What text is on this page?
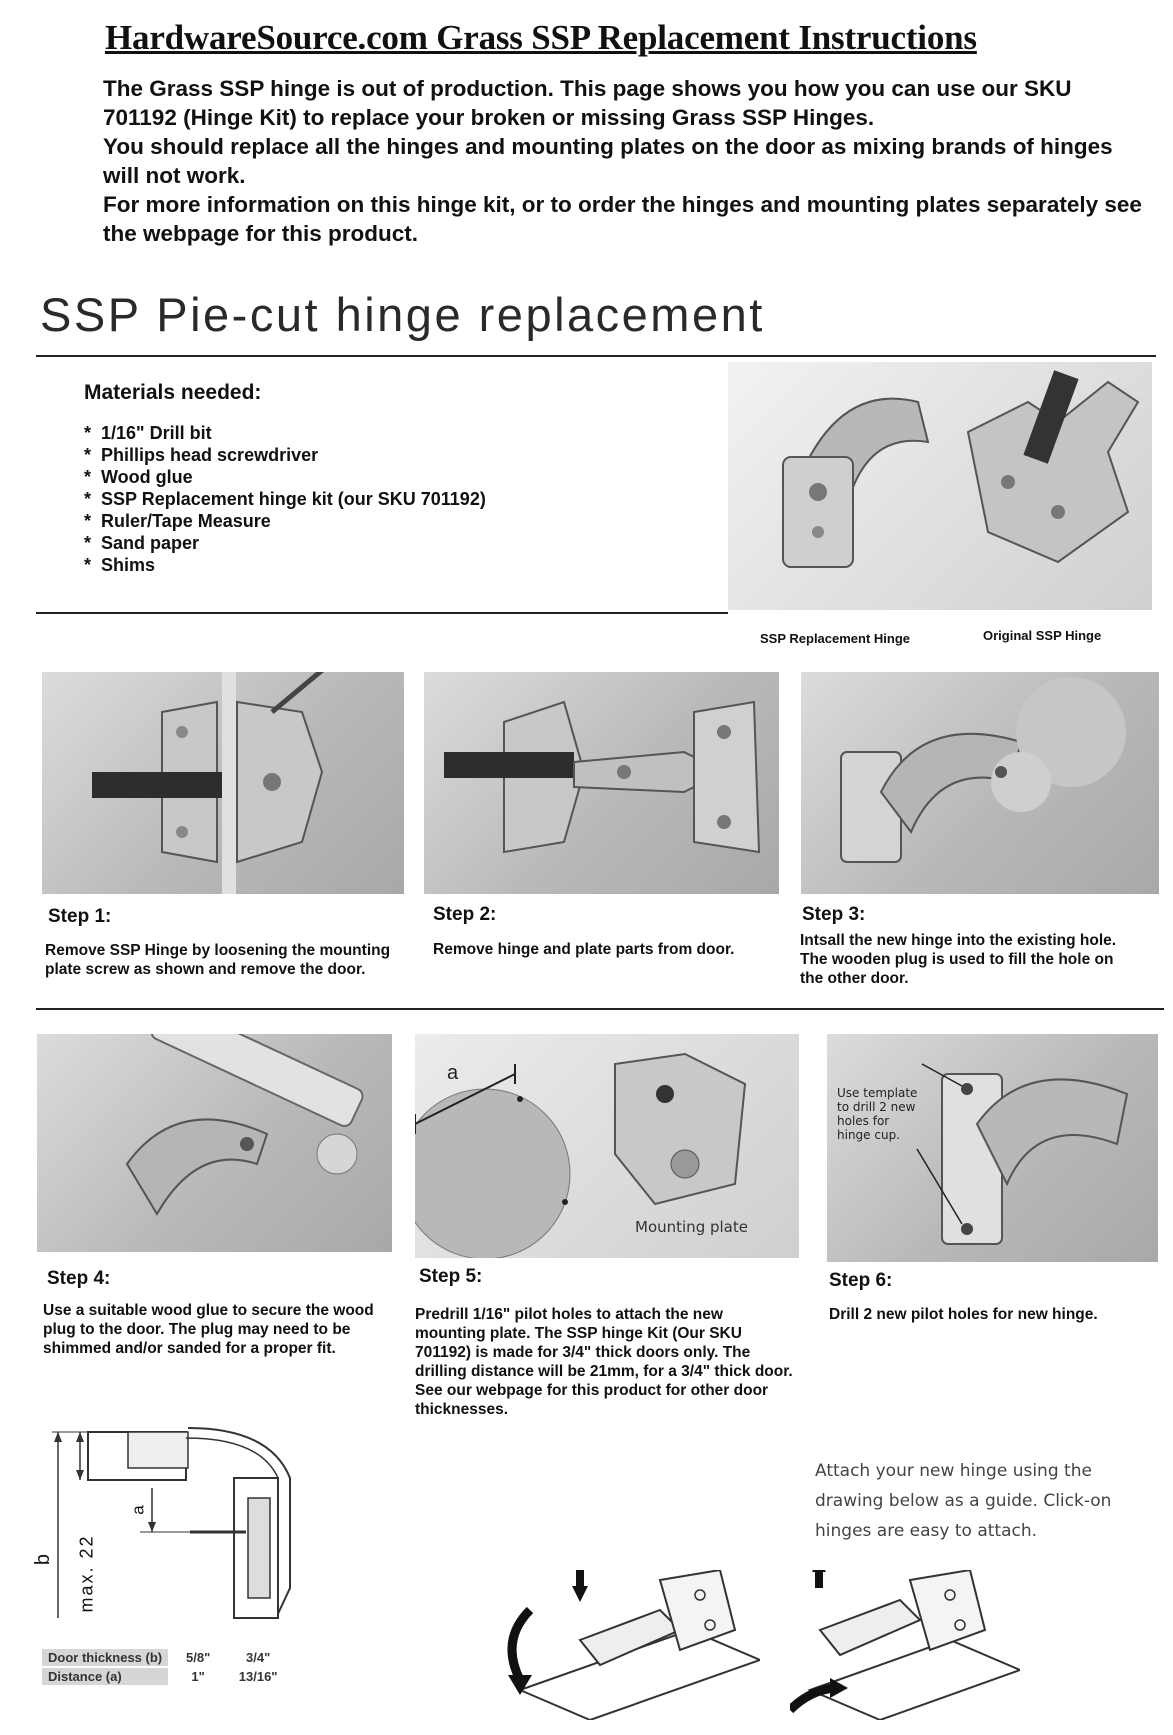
HardwareSource.com Grass SSP Replacement Instructions

The Grass SSP hinge is out of production. This page shows you how you can use our SKU 701192 (Hinge Kit) to replace your broken or missing Grass SSP Hinges.

You should replace all the hinges and mounting plates on the door as mixing brands of hinges will not work.

For more information on this hinge kit, or to order the hinges and mounting plates separately see the webpage for this product.

SSP Pie-cut hinge replacement
Materials needed:
* 1/16" Drill bit
* Phillips head screwdriver
* Wood glue
* SSP Replacement hinge kit (our SKU 701192)
* Ruler/Tape Measure
* Sand paper
* Shims
SSP Replacement Hinge	Original SSP Hinge
Step 1:
Remove SSP Hinge by loosening the mounting plate screw as shown and remove the door.
Step 2:
Remove hinge and plate parts from door.
Step 3:
Intsall the new hinge into the existing hole. The wooden plug is used to fill the hole on the other door.
a
Mounting plate
Use template to drill 2 new holes for hinge cup.
Step 4:
Use a suitable wood glue to secure the wood plug to the door. The plug may need to be shimmed and/or sanded for a proper fit.
Step 5:
Predrill 1/16" pilot holes to attach the new mounting plate. The SSP hinge Kit (Our SKU 701192) is made for 3/4" thick doors only. The drilling distance will be 21mm, for a 3/4" thick door.
See our webpage for this product for other door thicknesses.
Step 6:
Drill 2 new pilot holes for new hinge.
b max. 22
a
Door thickness (b)	5/8"	3/4"
Distance (a)	1"	13/16"
Attach your new hinge using the drawing below as a guide. Click-on hinges are easy to attach.
